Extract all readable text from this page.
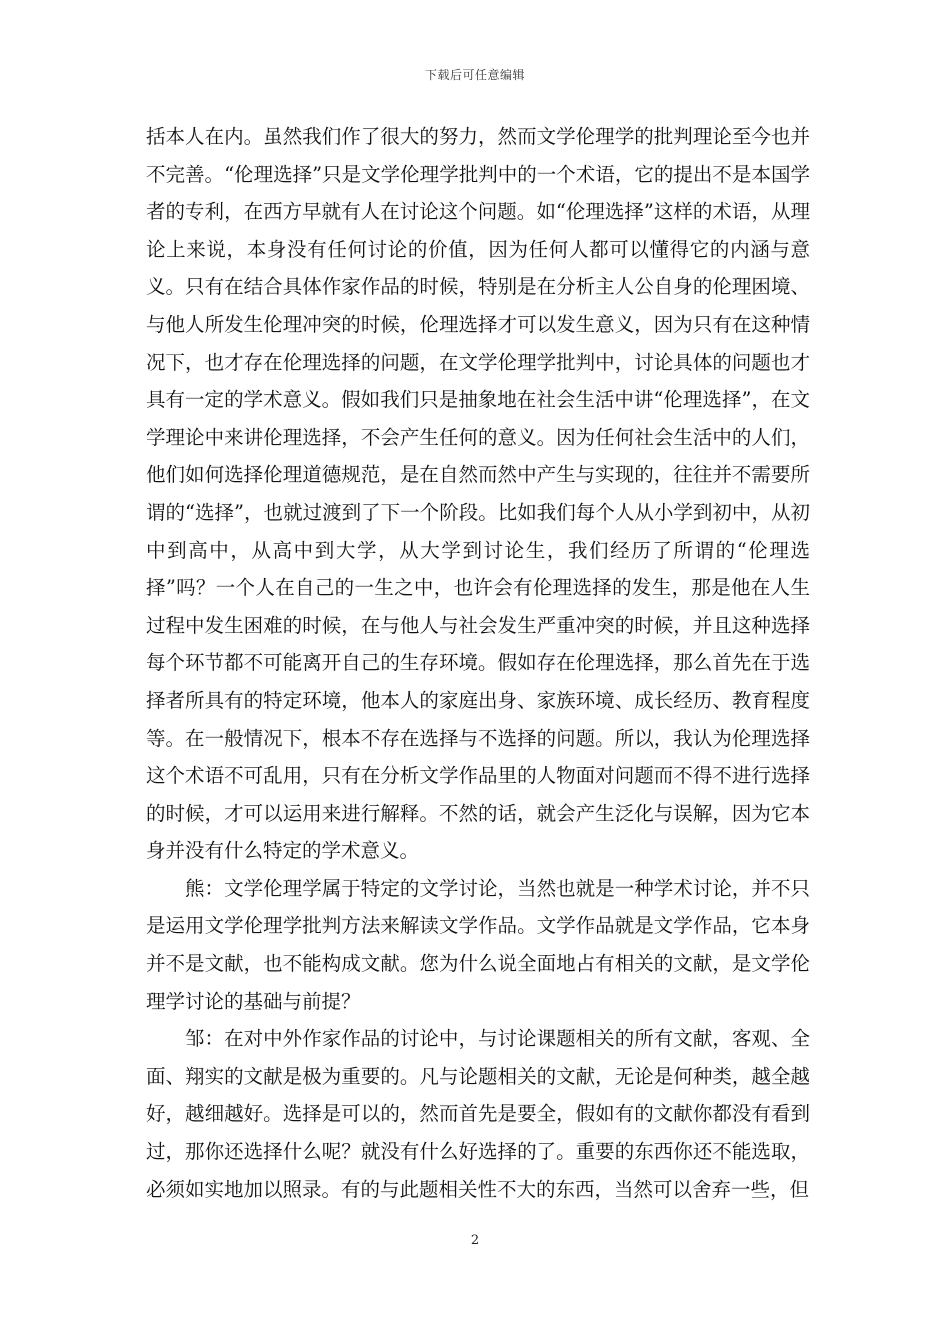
下载后可任意编辑

括本人在内。虽然我们作了很大的努力，然而文学伦理学的批判理论至今也并不完善。“伦理选择”只是文学伦理学批判中的一个术语，它的提出不是本国学者的专利，在西方早就有人在讨论这个问题。如“伦理选择”这样的术语，从理论上来说，本身没有任何讨论的价值，因为任何人都可以懂得它的内涵与意义。只有在结合具体作家作品的时候，特别是在分析主人公自身的伦理困境、与他人所发生伦理冲突的时候，伦理选择才可以发生意义，因为只有在这种情况下，也才存在伦理选择的问题，在文学伦理学批判中，讨论具体的问题也才具有一定的学术意义。假如我们只是抽象地在社会生活中讲“伦理选择”，在文学理论中来讲伦理选择，不会产生任何的意义。因为任何社会生活中的人们，他们如何选择伦理道德规范，是在自然而然中产生与实现的，往往并不需要所谓的“选择”，也就过渡到了下一个阶段。比如我们每个人从小学到初中，从初中到高中，从高中到大学，从大学到讨论生，我们经历了所谓的“伦理选择”吗？一个人在自己的一生之中，也许会有伦理选择的发生，那是他在人生过程中发生困难的时候，在与他人与社会发生严重冲突的时候，并且这种选择每个环节都不可能离开自己的生存环境。假如存在伦理选择，那么首先在于选择者所具有的特定环境，他本人的家庭出身、家族环境、成长经历、教育程度等。在一般情况下，根本不存在选择与不选择的问题。所以，我认为伦理选择这个术语不可乱用，只有在分析文学作品里的人物面对问题而不得不进行选择的时候，才可以运用来进行解释。不然的话，就会产生泛化与误解，因为它本身并没有什么特定的学术意义。

熊：文学伦理学属于特定的文学讨论，当然也就是一种学术讨论，并不只是运用文学伦理学批判方法来解读文学作品。文学作品就是文学作品，它本身并不是文献，也不能构成文献。您为什么说全面地占有相关的文献，是文学伦理学讨论的基础与前提？

邹：在对中外作家作品的讨论中，与讨论课题相关的所有文献，客观、全面、翔实的文献是极为重要的。凡与论题相关的文献，无论是何种类，越全越好，越细越好。选择是可以的，然而首先是要全，假如有的文献你都没有看到过，那你还选择什么呢？就没有什么好选择的了。重要的东西你还不能选取，必须如实地加以照录。有的与此题相关性不大的东西，当然可以舍弃一些，但

2
